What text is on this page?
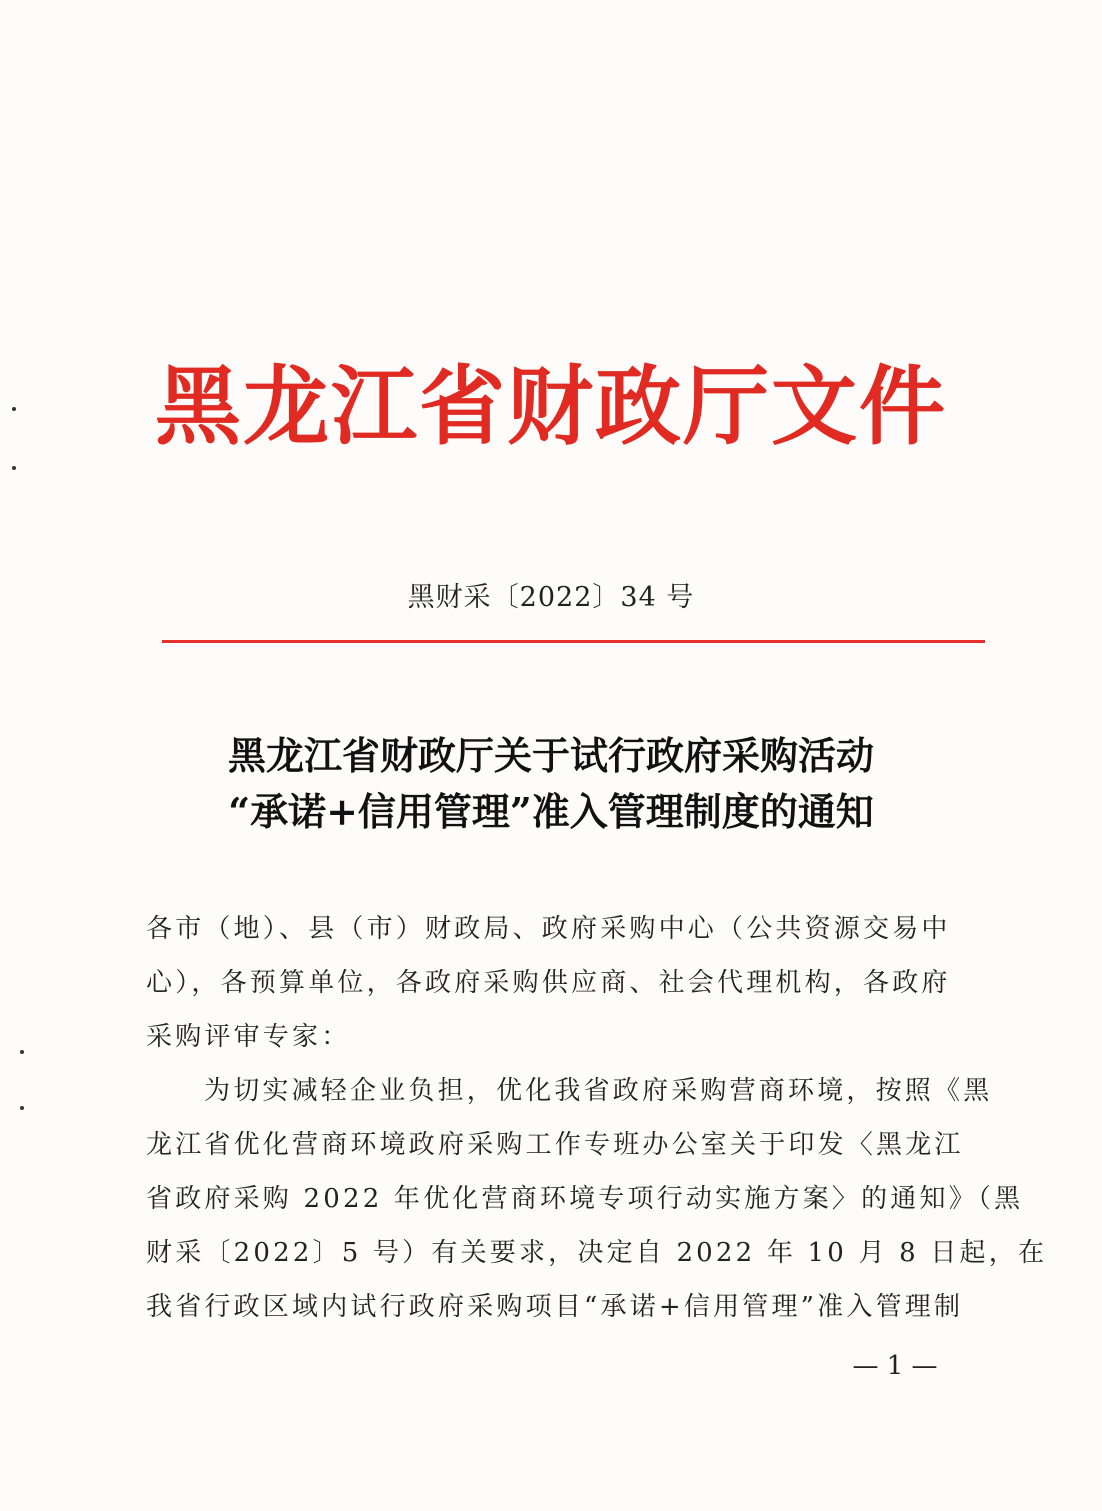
黑龙江省财政厅文件
黑财采〔2022〕34 号
黑龙江省财政厅关于试行政府采购活动
“承诺+信用管理”准入管理制度的通知
各市（地）、县（市）财政局、政府采购中心（公共资源交易中
心），各预算单位，各政府采购供应商、社会代理机构，各政府
采购评审专家：
为切实减轻企业负担，优化我省政府采购营商环境，按照《黑
龙江省优化营商环境政府采购工作专班办公室关于印发〈黑龙江
省政府采购 2022 年优化营商环境专项行动实施方案〉的通知》（黑
财采〔2022〕5 号）有关要求，决定自 2022 年 10 月 8 日起，在
我省行政区域内试行政府采购项目“承诺+信用管理”准入管理制
— 1 —
